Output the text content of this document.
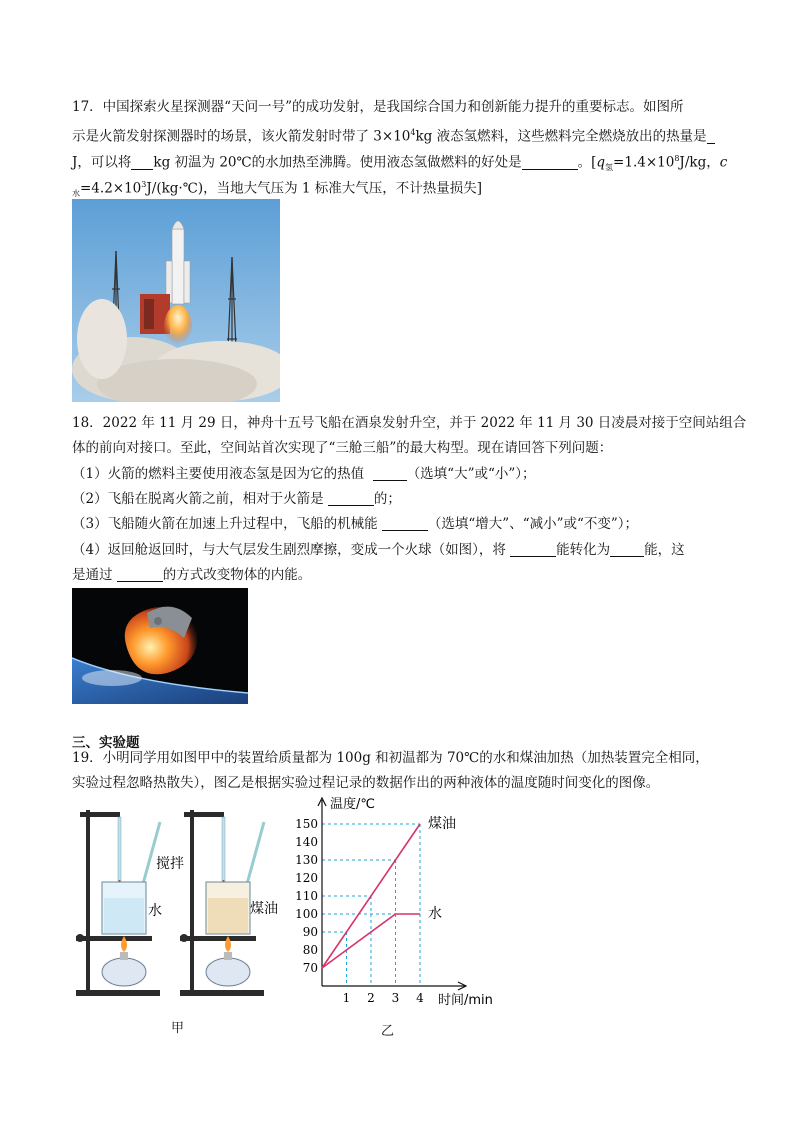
17．中国探索火星探测器“天问一号”的成功发射，是我国综合国力和创新能力提升的重要标志。如图所
示是火箭发射探测器时的场景，该火箭发射时带了 $3\times 10^4kg$ 液态氢燃料，这些燃料完全燃烧放出的热量是
J，可以将 kg 初温为 20℃的水加热至沸腾。使用液态氢做燃料的好处是	。[$q_氢=1.4\times 10^8J/kg$，c
$_水=4.2\times 10^3J/(kg\cdot℃)$，当地大气压为 1 标准大气压，不计热量损失]
18．2022 年 11 月 29 日，神舟十五号飞船在酒泉发射升空，并于 2022 年 11 月 30 日凌晨对接于空间站组合
体的前向对接口。至此，空间站首次实现了“三舱三船”的最大构型。现在请回答下列问题：
（1）火箭的燃料主要使用液态氢是因为它的热值	（选填“大”或“小”）；
（2）飞船在脱离火箭之前，相对于火箭是	的；
（3）飞船随火箭在加速上升过程中，飞船的机械能	（选填“增大”、“减小”或“不变”）；
（4）返回舱返回时，与大气层发生剧烈摩擦，变成一个火球（如图），将	能转化为	能，这
是通过	的方式改变物体的内能。
三、实验题
19．小明同学用如图甲中的装置给质量都为 100g 和初温都为 70℃的水和煤油加热（加热装置完全相同，
实验过程忽略热散失），图乙是根据实验过程记录的数据作出的两种液体的温度随时间变化的图像。
搅拌
水	煤油
甲
70
80
90
100
110
120
130
140
150
1 2 3 4
煤油
水
温度/℃
时间/min
乙
